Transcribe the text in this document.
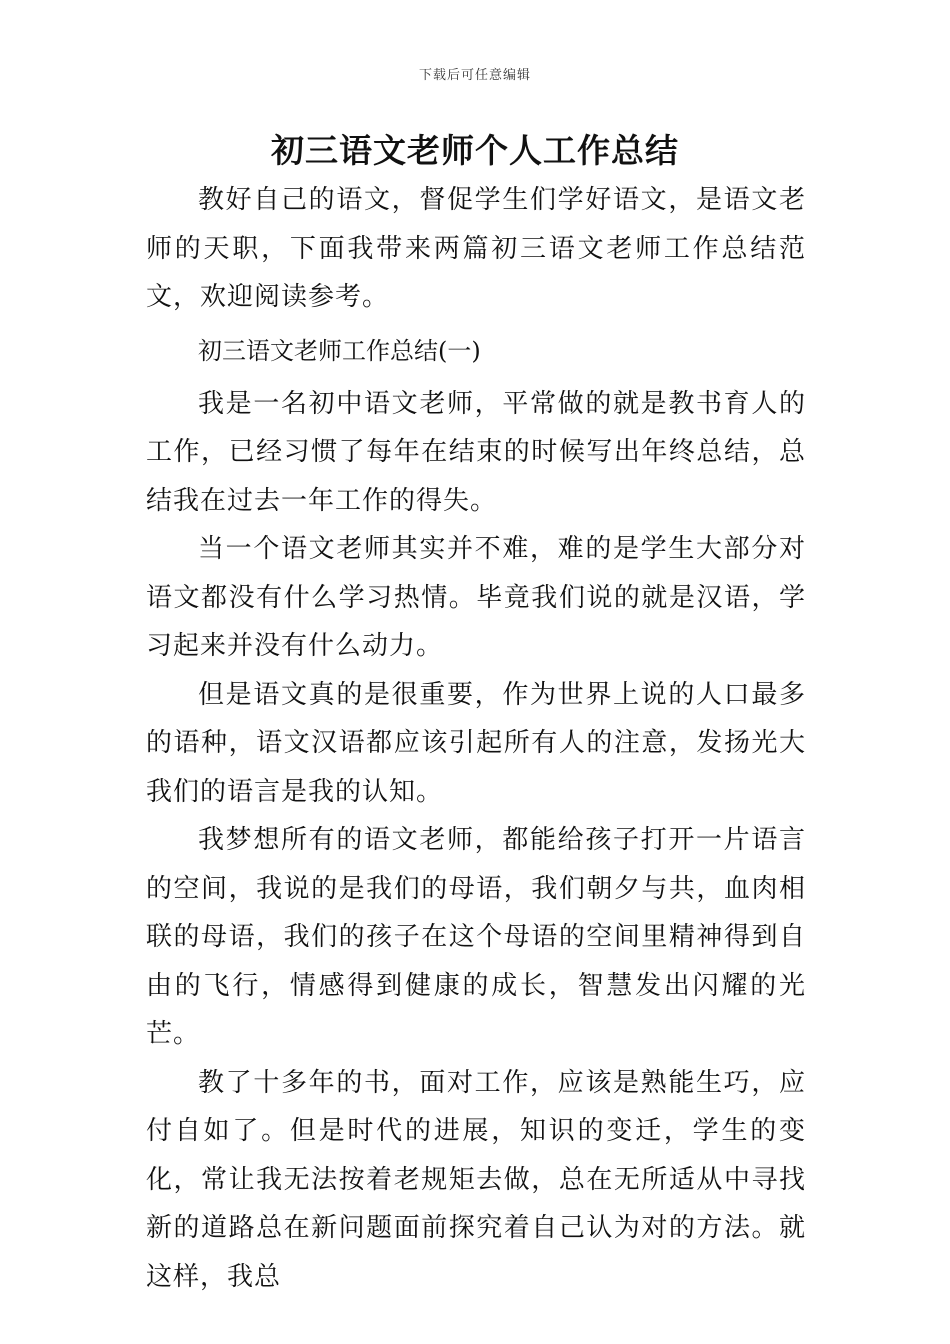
下载后可任意编辑
初三语文老师个人工作总结

教好自己的语文，督促学生们学好语文，是语文老师的天职，下面我带来两篇初三语文老师工作总结范文，欢迎阅读参考。

初三语文老师工作总结(一)

我是一名初中语文老师，平常做的就是教书育人的工作，已经习惯了每年在结束的时候写出年终总结，总结我在过去一年工作的得失。

当一个语文老师其实并不难，难的是学生大部分对语文都没有什么学习热情。毕竟我们说的就是汉语，学习起来并没有什么动力。

但是语文真的是很重要，作为世界上说的人口最多的语种，语文汉语都应该引起所有人的注意，发扬光大我们的语言是我的认知。

我梦想所有的语文老师，都能给孩子打开一片语言的空间，我说的是我们的母语，我们朝夕与共，血肉相联的母语，我们的孩子在这个母语的空间里精神得到自由的飞行，情感得到健康的成长，智慧发出闪耀的光芒。

教了十多年的书，面对工作，应该是熟能生巧，应付自如了。但是时代的进展，知识的变迁，学生的变化，常让我无法按着老规矩去做，总在无所适从中寻找新的道路总在新问题面前探究着自己认为对的方法。就这样，我总
